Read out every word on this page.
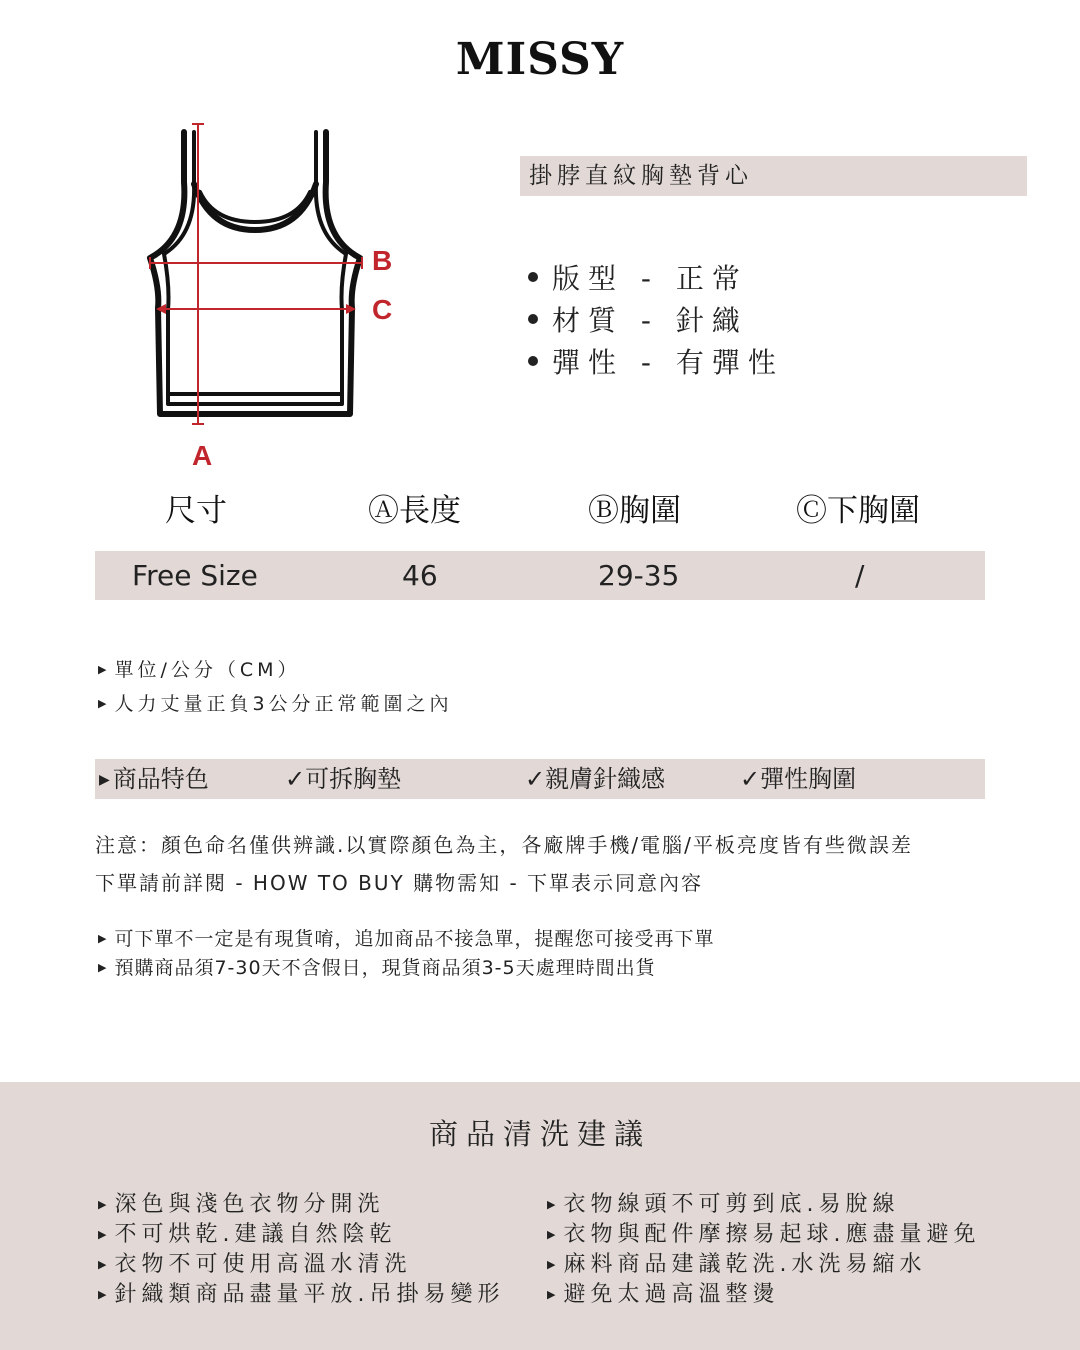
MISSY
B
C
A
掛脖直紋胸墊背心
版型 - 正常
材質 - 針織
彈性 - 有彈性
尺寸	Ⓐ長度	Ⓑ胸圍	Ⓒ下胸圍
Free Size	46	29-35	/
▶ 單位/公分（CM）
▶ 人力丈量正負3公分正常範圍之內
▶ 商品特色	✓可拆胸墊	✓親膚針織感	✓彈性胸圍
注意：顏色命名僅供辨識.以實際顏色為主，各廠牌手機/電腦/平板亮度皆有些微誤差
下單請前詳閱 - HOW TO BUY 購物需知 - 下單表示同意內容
▶ 可下單不一定是有現貨唷，追加商品不接急單，提醒您可接受再下單
▶ 預購商品須7-30天不含假日，現貨商品須3-5天處理時間出貨
商品清洗建議
▶ 深色與淺色衣物分開洗
▶ 不可烘乾.建議自然陰乾
▶ 衣物不可使用高溫水清洗
▶ 針織類商品盡量平放.吊掛易變形
▶ 衣物線頭不可剪到底.易脫線
▶ 衣物與配件摩擦易起球.應盡量避免
▶ 麻料商品建議乾洗.水洗易縮水
▶ 避免太過高溫整燙
